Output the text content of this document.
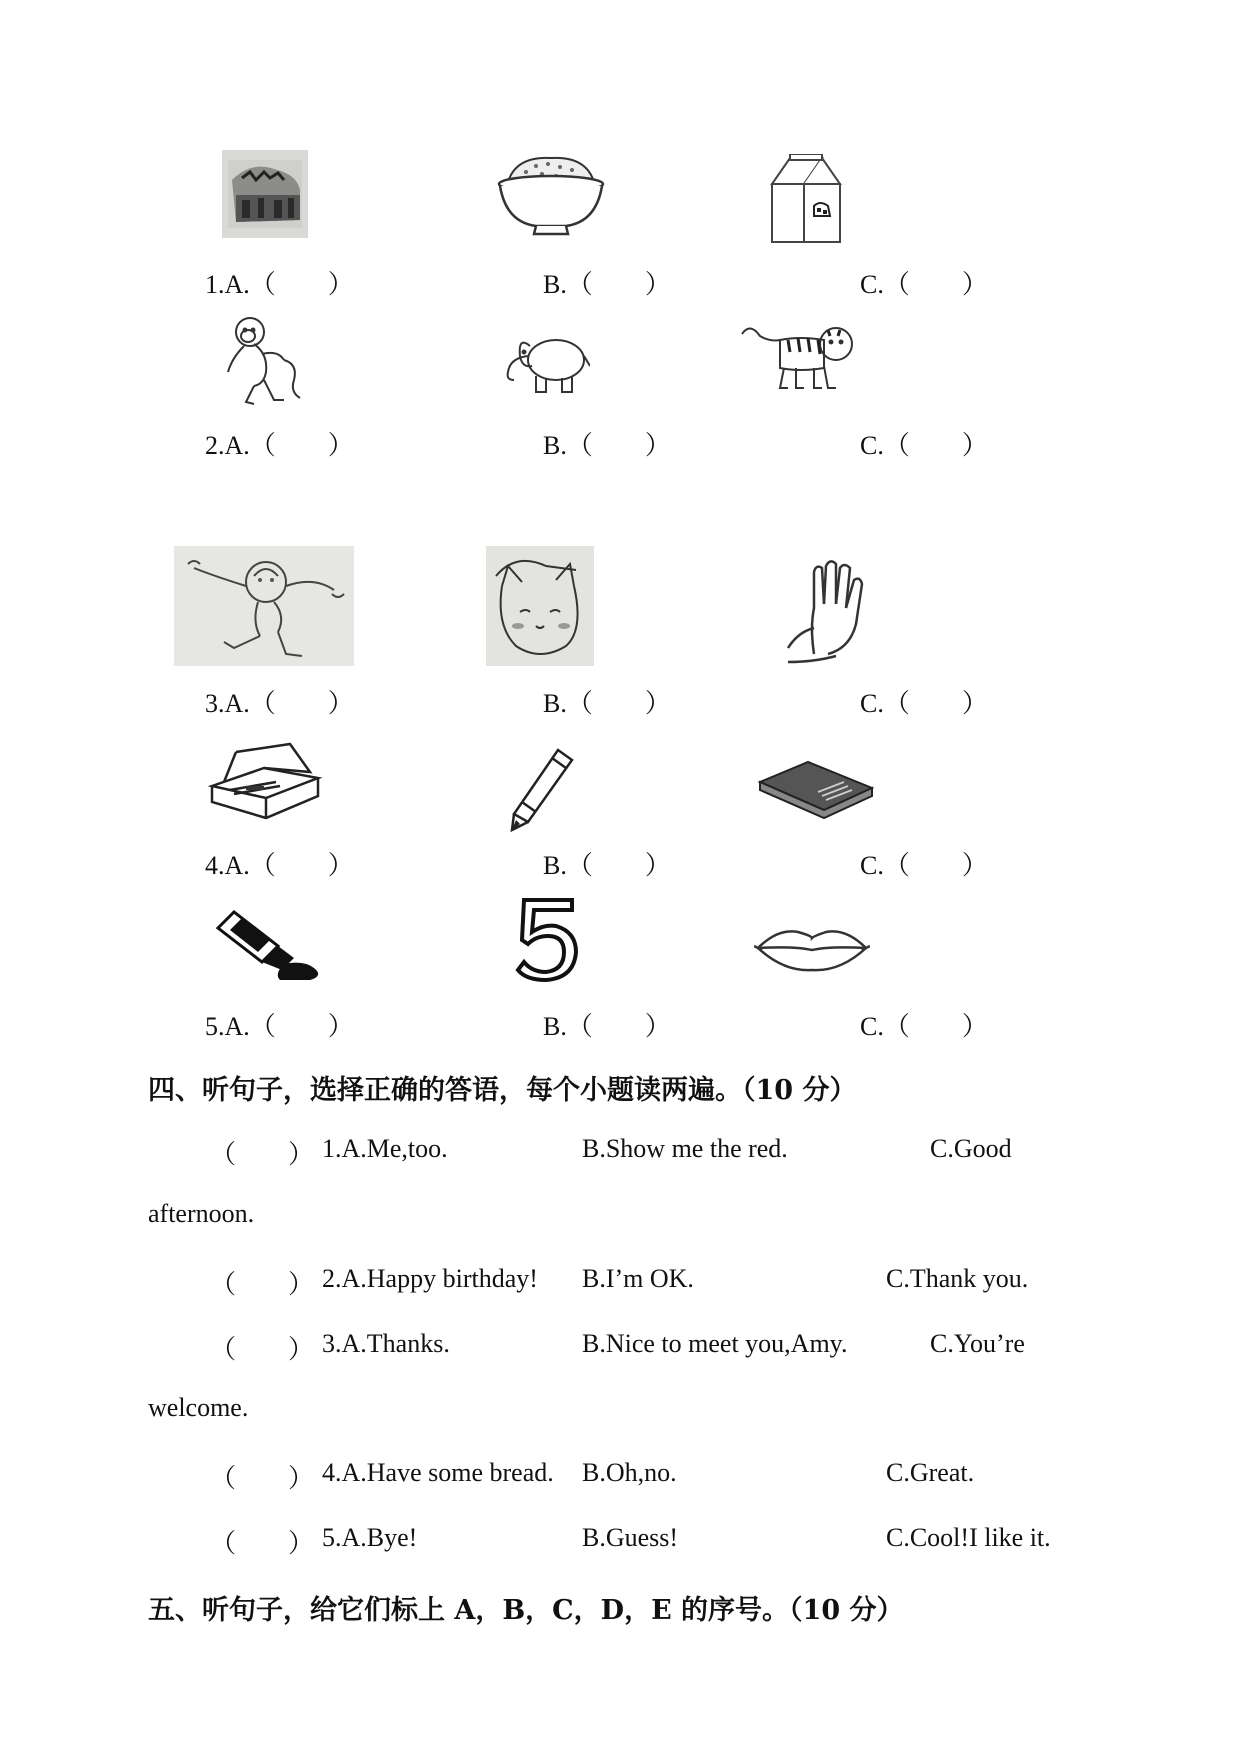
1.A.（　　）	B.（　　）	C.（　　）
2.A.（　　）	B.（　　）	C.（　　）
3.A.（　　）	B.（　　）	C.（　　）
4.A.（　　）	B.（　　）	C.（　　）
5.A.（　　）	B.（　　）	C.（　　）
四、听句子，选择正确的答语，每个小题读两遍。（10 分）
（　　） 1.A.Me,too.	B.Show me the red.	C.Good
afternoon.
（　　） 2.A.Happy birthday! B.I’m OK.	C.Thank you.
（　　） 3.A.Thanks.	B.Nice to meet you,Amy.	C.You’re
welcome.
（　　） 4.A.Have some bread. B.Oh,no.	C.Great.
（　　） 5.A.Bye!	B.Guess!	C.Cool!I like it.
五、听句子，给它们标上 A，B，C，D，E 的序号。（10 分）
